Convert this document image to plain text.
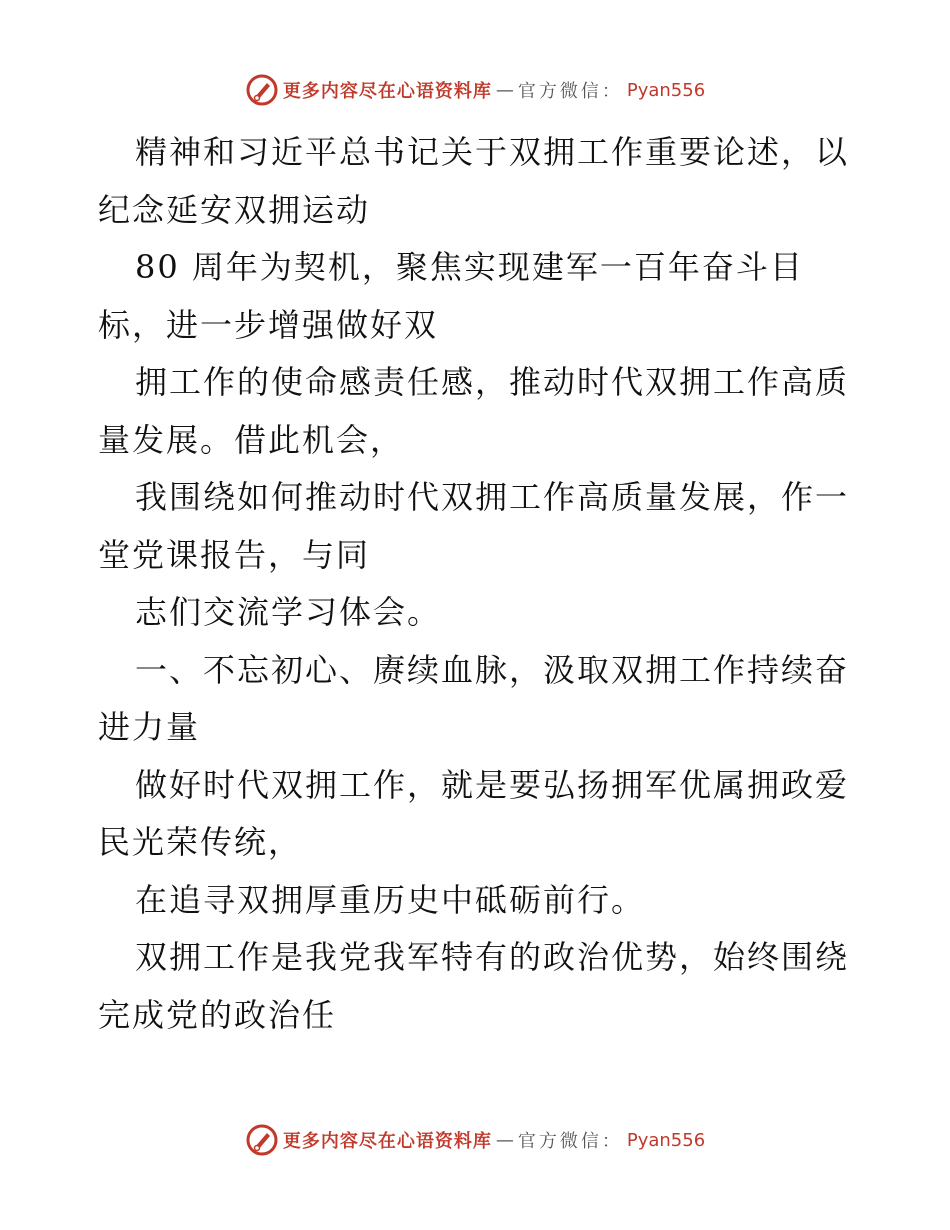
更多内容尽在心语资料库 — 官方微信： Pyan556
精神和习近平总书记关于双拥工作重要论述，以
纪念延安双拥运动
80 周年为契机，聚焦实现建军一百年奋斗目
标，进一步增强做好双
拥工作的使命感责任感，推动时代双拥工作高质
量发展。借此机会，
我围绕如何推动时代双拥工作高质量发展，作一
堂党课报告，与同
志们交流学习体会。
一、不忘初心、赓续血脉，汲取双拥工作持续奋
进力量
做好时代双拥工作，就是要弘扬拥军优属拥政爱
民光荣传统，
在追寻双拥厚重历史中砥砺前行。
双拥工作是我党我军特有的政治优势，始终围绕
完成党的政治任
更多内容尽在心语资料库 — 官方微信： Pyan556
